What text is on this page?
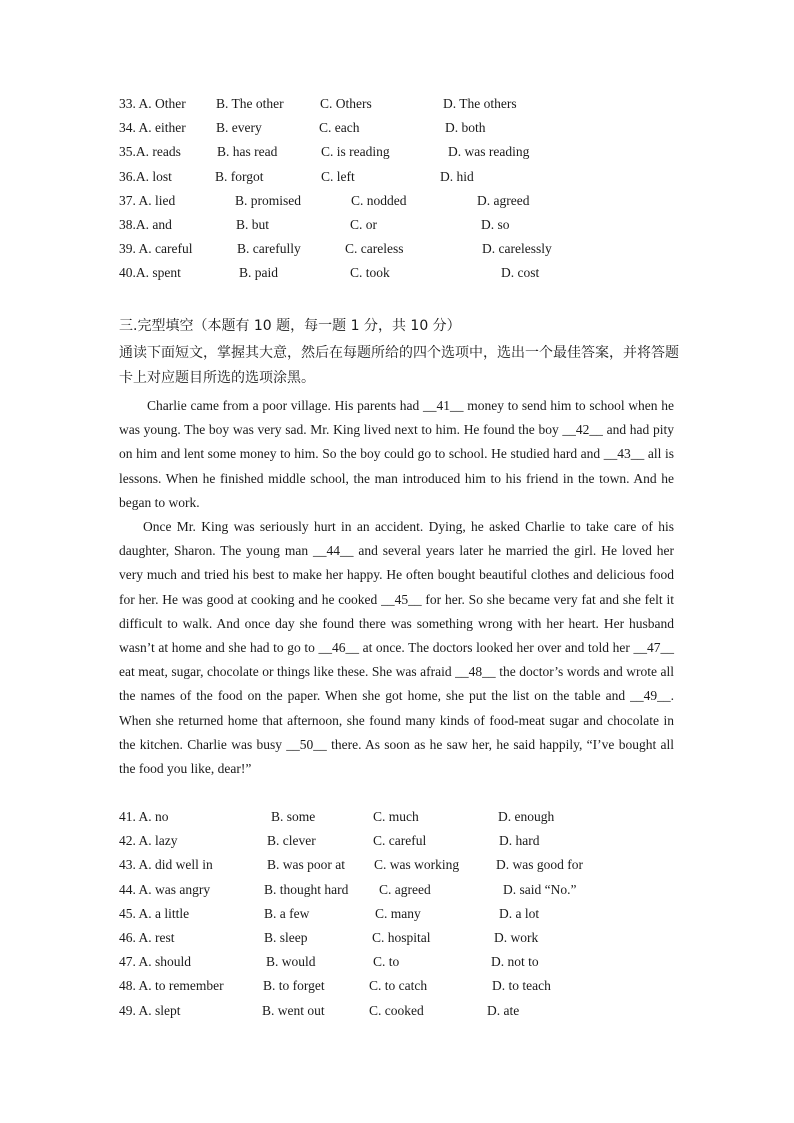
33. A. Other B. The other	C. Others	D. The others
34. A. either B. every	C. each	D. both
35.A. reads	B. has read	C. is reading	D. was reading
36.A. lost	B. forgot	C. left	D. hid
37. A. lied	B. promised	C. nodded	D. agreed
38.A. and	B. but	C. or	D. so
39. A. careful	B. carefully	C. careless	D. carelessly
40.A. spent	B. paid	C. took	D. cost
三.完型填空（本题有 10 题，每一题 1 分，共 10 分）
通读下面短文，掌握其大意，然后在每题所给的四个选项中，选出一个最佳答案，并将答题卡上对应题目所选的选项涂黑。

Charlie came from a poor village. His parents had __41__ money to send him to school when he was young. The boy was very sad. Mr. King lived next to him. He found the boy __42__ and had pity on him and lent some money to him. So the boy could go to school. He studied hard and __43__ all is lessons. When he finished middle school, the man introduced him to his friend in the town. And he began to work.

Once Mr. King was seriously hurt in an accident. Dying, he asked Charlie to take care of his daughter, Sharon. The young man __44__ and several years later he married the girl. He loved her very much and tried his best to make her happy. He often bought beautiful clothes and delicious food for her. He was good at cooking and he cooked __45__ for her. So she became very fat and she felt it difficult to walk. And once day she found there was something wrong with her heart. Her husband wasn’t at home and she had to go to __46__ at once. The doctors looked her over and told her __47__ eat meat, sugar, chocolate or things like these. She was afraid __48__ the doctor’s words and wrote all the names of the food on the paper. When she got home, she put the list on the table and __49__. When she returned home that afternoon, she found many kinds of food-meat sugar and chocolate in the kitchen. Charlie was busy __50__ there. As soon as he saw her, he said happily, “I’ve bought all the food you like, dear!”

41. A. no	B. some	C. much	D. enough
42. A. lazy	B. clever	C. careful	D. hard
43. A. did well in	B. was poor at C. was working	D. was good for
44. A. was angry	B. thought hard C. agreed	D. said “No.”
45. A. a little	B. a few	C. many	D. a lot
46. A. rest	B. sleep	C. hospital	D. work
47. A. should	B. would	C. to	D. not to
48. A. to remember	B. to forget	C. to catch	D. to teach
49. A. slept	B. went out	C. cooked	D. ate
